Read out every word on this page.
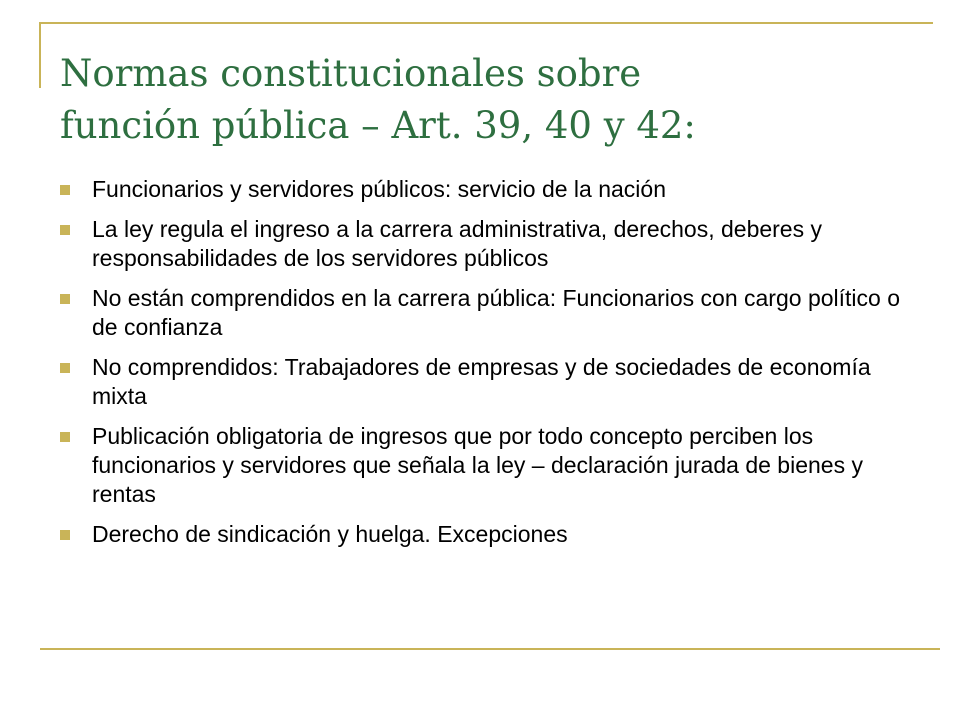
Normas constitucionales sobre
función pública – Art. 39, 40 y 42:
Funcionarios y servidores públicos: servicio de la nación
La ley regula el ingreso a la carrera administrativa, derechos, deberes y responsabilidades de los servidores públicos
No están comprendidos en la carrera pública: Funcionarios con cargo político o de confianza
No comprendidos: Trabajadores de empresas y de sociedades de economía mixta
Publicación obligatoria de ingresos que por todo concepto perciben los funcionarios y servidores que señala la ley – declaración jurada de bienes y rentas
Derecho de sindicación y huelga. Excepciones
